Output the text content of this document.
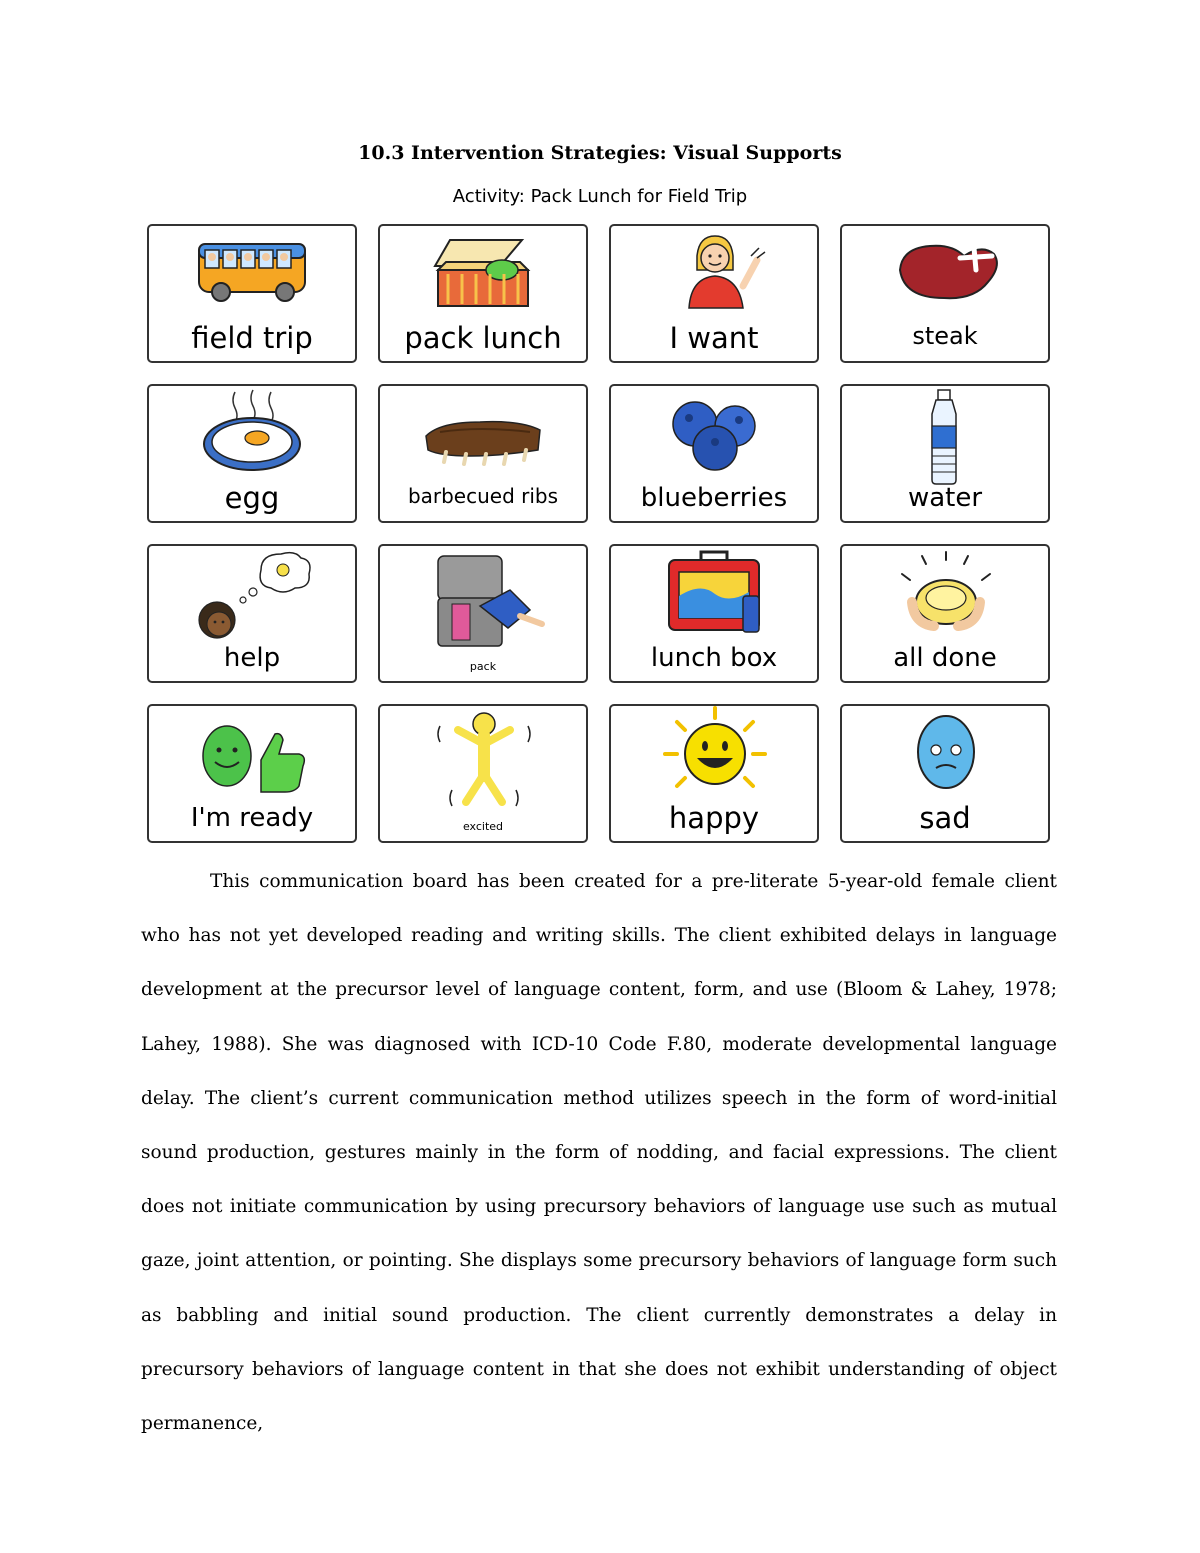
10.3 Intervention Strategies: Visual Supports
Activity: Pack Lunch for Field Trip
field trip	pack lunch	I want	steak
egg	barbecued ribs	blueberries	water
help	pack	lunch box	all done
I'm ready	excited	happy	sad

This communication board has been created for a pre-literate 5-year-old female client who has not yet developed reading and writing skills. The client exhibited delays in language development at the precursor level of language content, form, and use (Bloom & Lahey, 1978; Lahey, 1988). She was diagnosed with ICD-10 Code F.80, moderate developmental language delay. The client’s current communication method utilizes speech in the form of word-initial sound production, gestures mainly in the form of nodding, and facial expressions. The client does not initiate communication by using precursory behaviors of language use such as mutual gaze, joint attention, or pointing. She displays some precursory behaviors of language form such as babbling and initial sound production. The client currently demonstrates a delay in precursory behaviors of language content in that she does not exhibit understanding of object permanence,
